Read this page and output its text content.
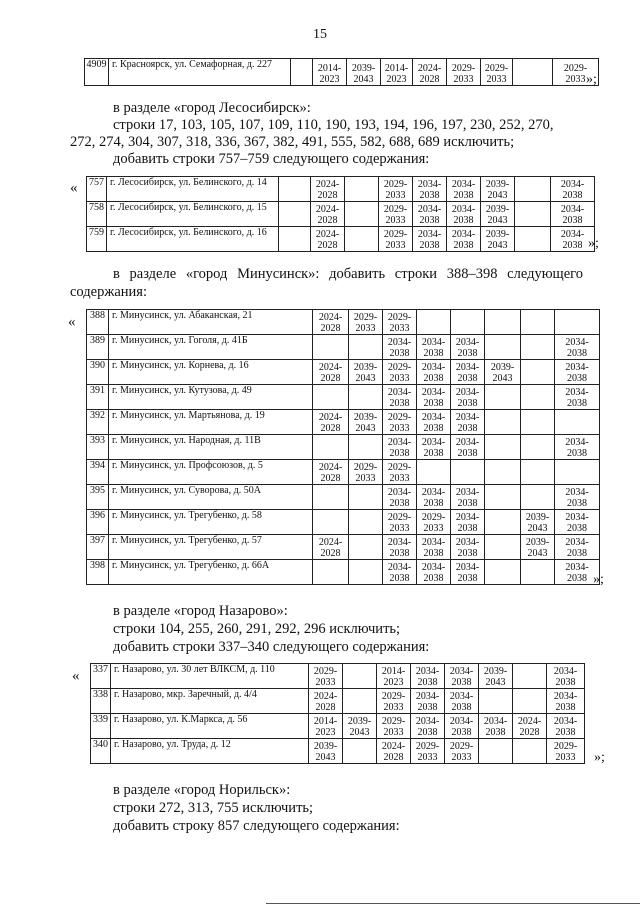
15
4909	г. Красноярск, ул. Семафорная, д. 227		2014-
2023	2039-
2043	2014-
2023	2024-
2028	2029-
2033	2029-
2033		2029-
2033 »;
в разделе «город Лесосибирск»:
строки 17, 103, 105, 107, 109, 110, 190, 193, 194, 196, 197, 230, 252, 270,
272, 274, 304, 307, 318, 336, 367, 382, 491, 555, 582, 688, 689 исключить;
добавить строки 757–759 следующего содержания:
« 757	г. Лесосибирск, ул. Белинского, д. 14		2024-
2028		2029-
2033	2034-
2038	2034-
2038	2039-
2043		2034-
2038
758	г. Лесосибирск, ул. Белинского, д. 15		2024-
2028		2029-
2033	2034-
2038	2034-
2038	2039-
2043		2034-
2038
759	г. Лесосибирск, ул. Белинского, д. 16		2024-
2028		2029-
2033	2034-
2038	2034-
2038	2039-
2043		2034-
2038 »;
в разделе «город Минусинск»: добавить строки 388–398 следующего
содержания:
« 388	г. Минусинск, ул. Абаканская, 21	2024-
2028	2029-
2033	2029-
2033					
389	г. Минусинск, ул. Гоголя, д. 41Б			2034-
2038	2034-
2038	2034-
2038			2034-
2038
390	г. Минусинск, ул. Корнева, д. 16	2024-
2028	2039-
2043	2029-
2033	2034-
2038	2034-
2038	2039-
2043		2034-
2038
391	г. Минусинск, ул. Кутузова, д. 49			2034-
2038	2034-
2038	2034-
2038			2034-
2038
392	г. Минусинск, ул. Мартьянова, д. 19	2024-
2028	2039-
2043	2029-
2033	2034-
2038	2034-
2038			
393	г. Минусинск, ул. Народная, д. 11В			2034-
2038	2034-
2038	2034-
2038			2034-
2038
394	г. Минусинск, ул. Профсоюзов, д. 5	2024-
2028	2029-
2033	2029-
2033					
395	г. Минусинск, ул. Суворова, д. 50А			2034-
2038	2034-
2038	2034-
2038			2034-
2038
396	г. Минусинск, ул. Трегубенко, д. 58			2029-
2033	2029-
2033	2034-
2038		2039-
2043	2034-
2038
397	г. Минусинск, ул. Трегубенко, д. 57	2024-
2028		2034-
2038	2034-
2038	2034-
2038		2039-
2043	2034-
2038
398	г. Минусинск, ул. Трегубенко, д. 66А			2034-
2038	2034-
2038	2034-
2038			2034-
2038 »;
в разделе «город Назарово»:
строки 104, 255, 260, 291, 292, 296 исключить;
добавить строки 337–340 следующего содержания:
« 337	г. Назарово, ул. 30 лет ВЛКСМ, д. 110	2029-
2033		2014-
2023	2034-
2038	2034-
2038	2039-
2043		2034-
2038
338	г. Назарово, мкр. Заречный, д. 4/4	2024-
2028		2029-
2033	2034-
2038	2034-
2038			2034-
2038
339	г. Назарово, ул. К.Маркса, д. 56	2014-
2023	2039-
2043	2029-
2033	2034-
2038	2034-
2038	2034-
2038	2024-
2028	2034-
2038
340	г. Назарово, ул. Труда, д. 12	2039-
2043		2024-
2028	2029-
2033	2029-
2033			2029-
2033 »;
в разделе «город Норильск»:
строки 272, 313, 755 исключить;
добавить строку 857 следующего содержания:
